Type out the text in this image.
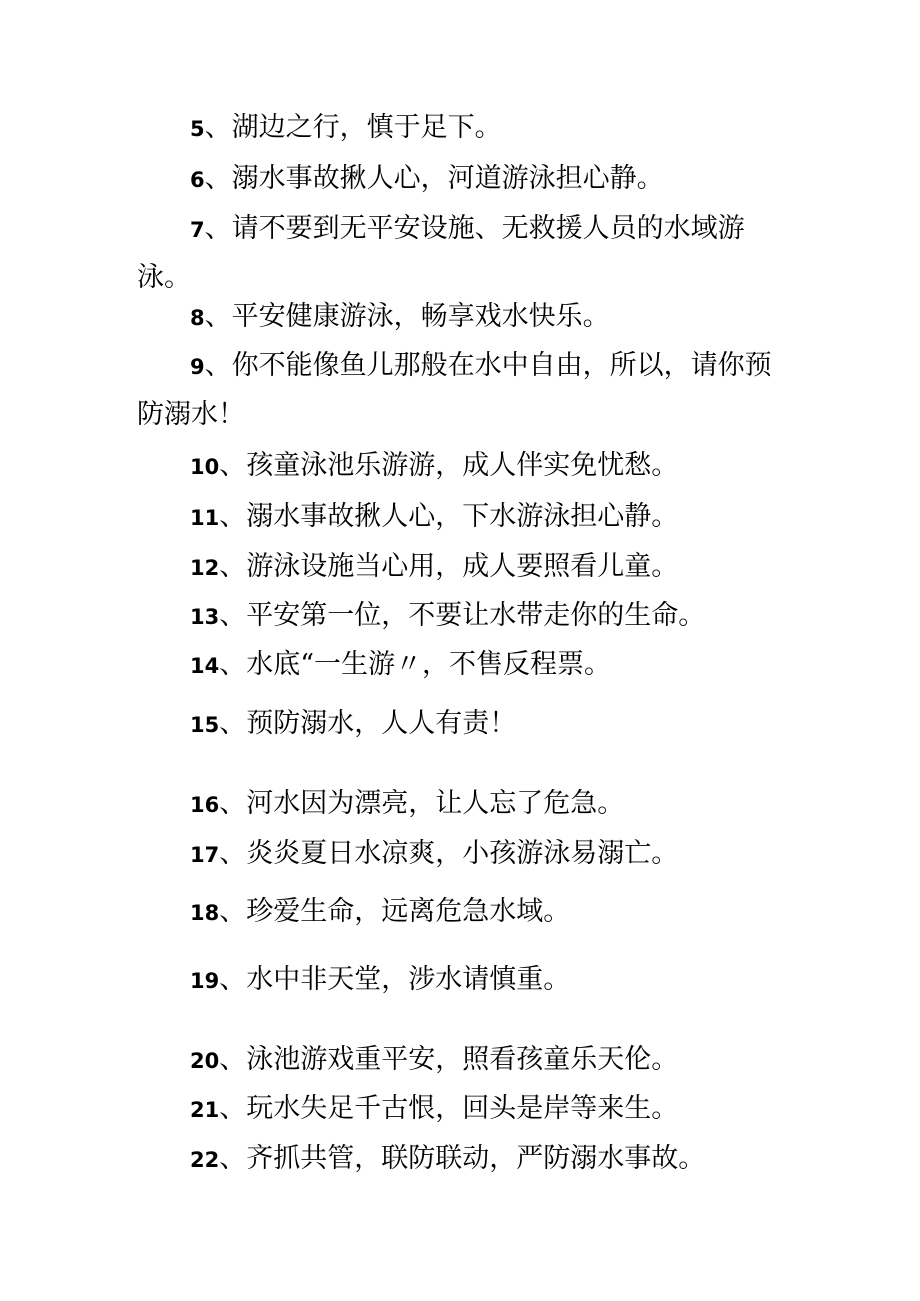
5、湖边之行，慎于足下。

6、溺水事故揪人心，河道游泳担心静。

7、请不要到无平安设施、无救援人员的水域游泳。

8、平安健康游泳，畅享戏水快乐。

9、你不能像鱼儿那般在水中自由，所以，请你预防溺水！

10、孩童泳池乐游游，成人伴实免忧愁。

11、溺水事故揪人心，下水游泳担心静。

12、游泳设施当心用，成人要照看儿童。

13、平安第一位，不要让水带走你的生命。

14、水底“一生游〃，不售反程票。

15、预防溺水，人人有责！

16、河水因为漂亮，让人忘了危急。

17、炎炎夏日水凉爽，小孩游泳易溺亡。

18、珍爱生命，远离危急水域。

19、水中非天堂，涉水请慎重。

20、泳池游戏重平安，照看孩童乐天伦。

21、玩水失足千古恨，回头是岸等来生。

22、齐抓共管，联防联动，严防溺水事故。
